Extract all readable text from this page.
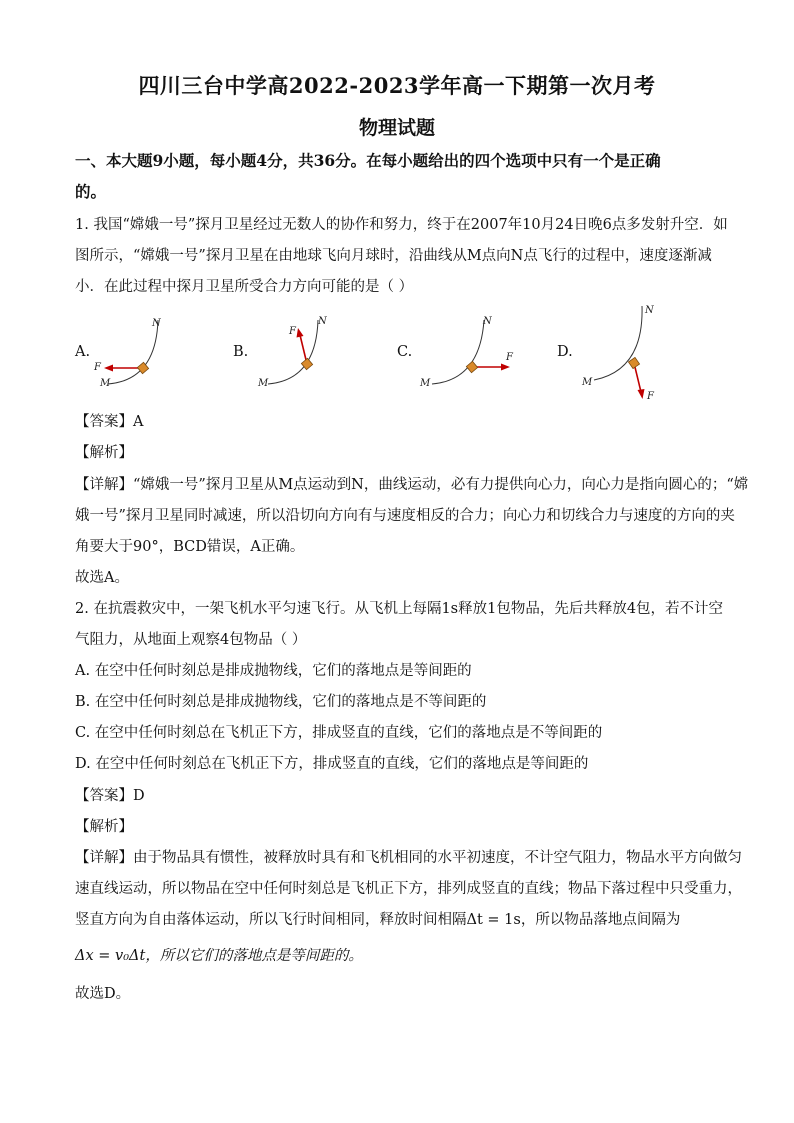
四川三台中学高2022-2023学年高一下期第一次月考
物理试题
一、本大题9小题，每小题4分，共36分。在每小题给出的四个选项中只有一个是正确
的。
1. 我国“嫦娥一号”探月卫星经过无数人的协作和努力，终于在2007年10月24日晚6点多发射升空．如
图所示，“嫦娥一号”探月卫星在由地球飞向月球时，沿曲线从M点向N点飞行的过程中，速度逐渐减
小．在此过程中探月卫星所受合力方向可能的是（ ）
A.
N
M
F
B.
N
M
F
C.
N
M
F	D.
N
M
F
【答案】A
【解析】
【详解】“嫦娥一号”探月卫星从M点运动到N，曲线运动，必有力提供向心力，向心力是指向圆心的；“嫦
娥一号”探月卫星同时减速，所以沿切向方向有与速度相反的合力；向心力和切线合力与速度的方向的夹
角要大于90°，BCD错误，A正确。
故选A。
2. 在抗震救灾中，一架飞机水平匀速飞行。从飞机上每隔1s释放1包物品，先后共释放4包，若不计空
气阻力，从地面上观察4包物品（ ）
A. 在空中任何时刻总是排成抛物线，它们的落地点是等间距的
B. 在空中任何时刻总是排成抛物线，它们的落地点是不等间距的
C. 在空中任何时刻总在飞机正下方，排成竖直的直线，它们的落地点是不等间距的
D. 在空中任何时刻总在飞机正下方，排成竖直的直线，它们的落地点是等间距的
【答案】D
【解析】
【详解】由于物品具有惯性，被释放时具有和飞机相同的水平初速度，不计空气阻力，物品水平方向做匀
速直线运动，所以物品在空中任何时刻总是飞机正下方，排列成竖直的直线；物品下落过程中只受重力，
竖直方向为自由落体运动，所以飞行时间相同，释放时间相隔Δt = 1s，所以物品落地点间隔为
Δx = v₀Δt，所以它们的落地点是等间距的。
故选D。
